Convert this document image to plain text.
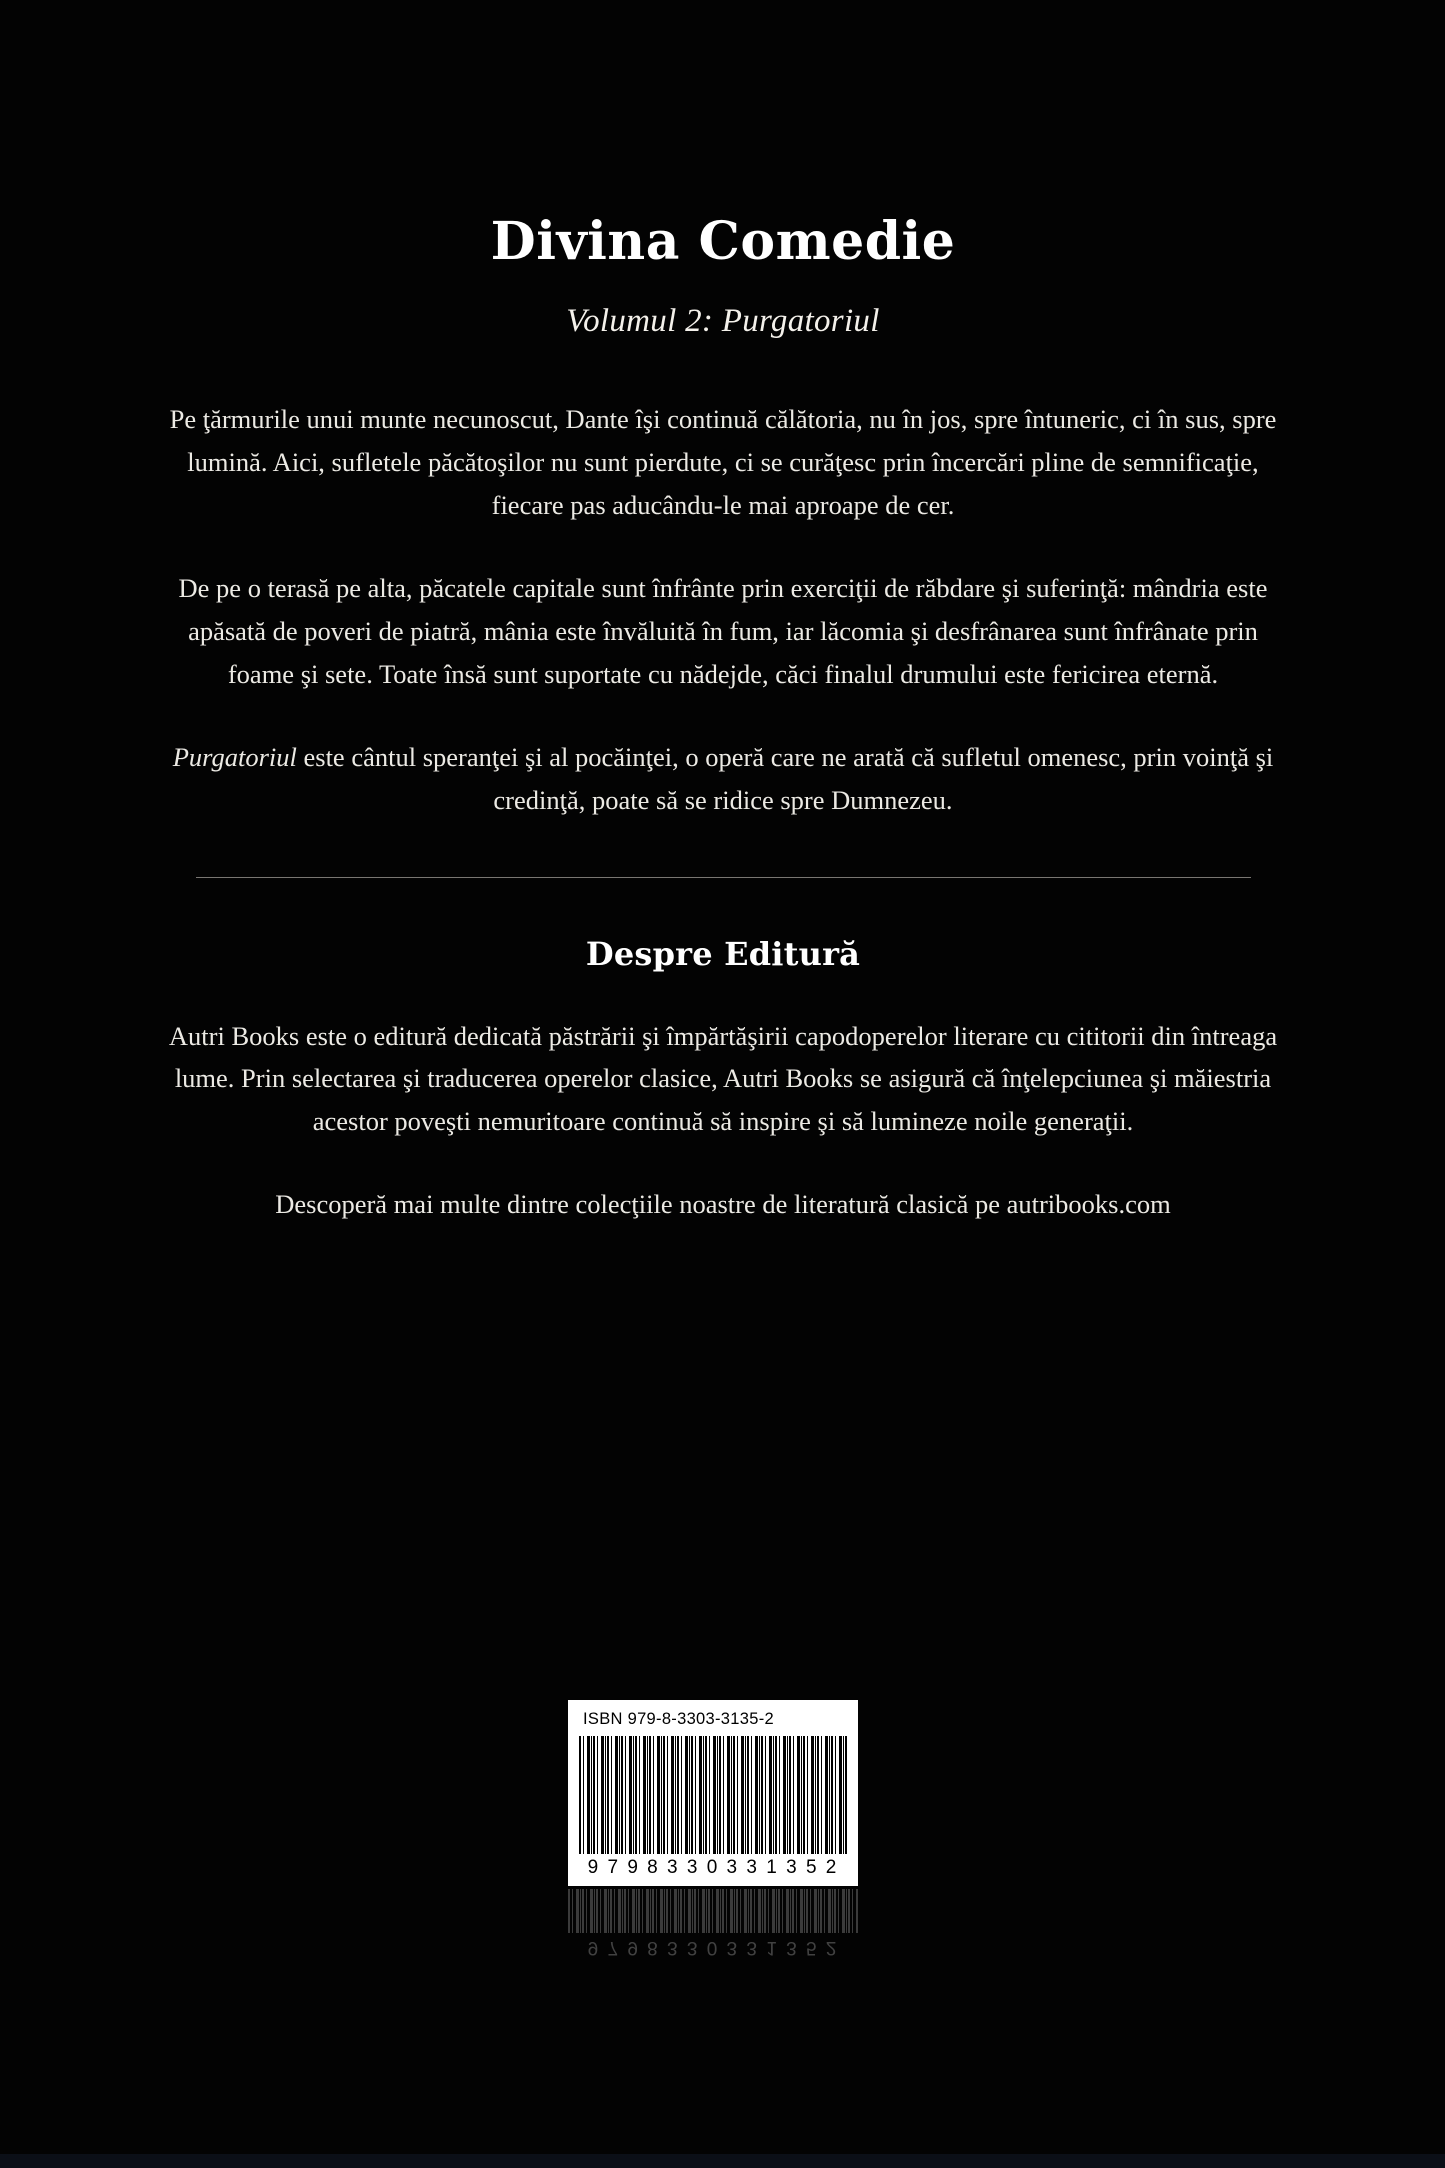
Divina Comedie
Volumul 2: Purgatoriul

Pe ţărmurile unui munte necunoscut, Dante îşi continuă călătoria, nu în jos, spre întuneric, ci în sus, spre lumină. Aici, sufletele păcătoşilor nu sunt pierdute, ci se curăţesc prin încercări pline de semnificaţie, fiecare pas aducându-le mai aproape de cer.

De pe o terasă pe alta, păcatele capitale sunt înfrânte prin exerciţii de răbdare şi suferinţă: mândria este apăsată de poveri de piatră, mânia este învăluită în fum, iar lăcomia şi desfrânarea sunt înfrânate prin foame şi sete. Toate însă sunt suportate cu nădejde, căci finalul drumului este fericirea eternă.

Purgatoriul este cântul speranţei şi al pocăinţei, o operă care ne arată că sufletul omenesc, prin voinţă şi credinţă, poate să se ridice spre Dumnezeu.

Despre Editură

Autri Books este o editură dedicată păstrării şi împărtăşirii capodoperelor literare cu cititorii din întreaga lume. Prin selectarea şi traducerea operelor clasice, Autri Books se asigură că înţelepciunea şi măiestria acestor poveşti nemuritoare continuă să inspire şi să lumineze noile generaţii.

Descoperă mai multe dintre colecţiile noastre de literatură clasică pe autribooks.com

ISBN 979-8-3303-3135-2
9 7 9 8 3 3 0 3 3 1 3 5 2
9 7 9 8 3 3 0 3 3 1 3 5 2
